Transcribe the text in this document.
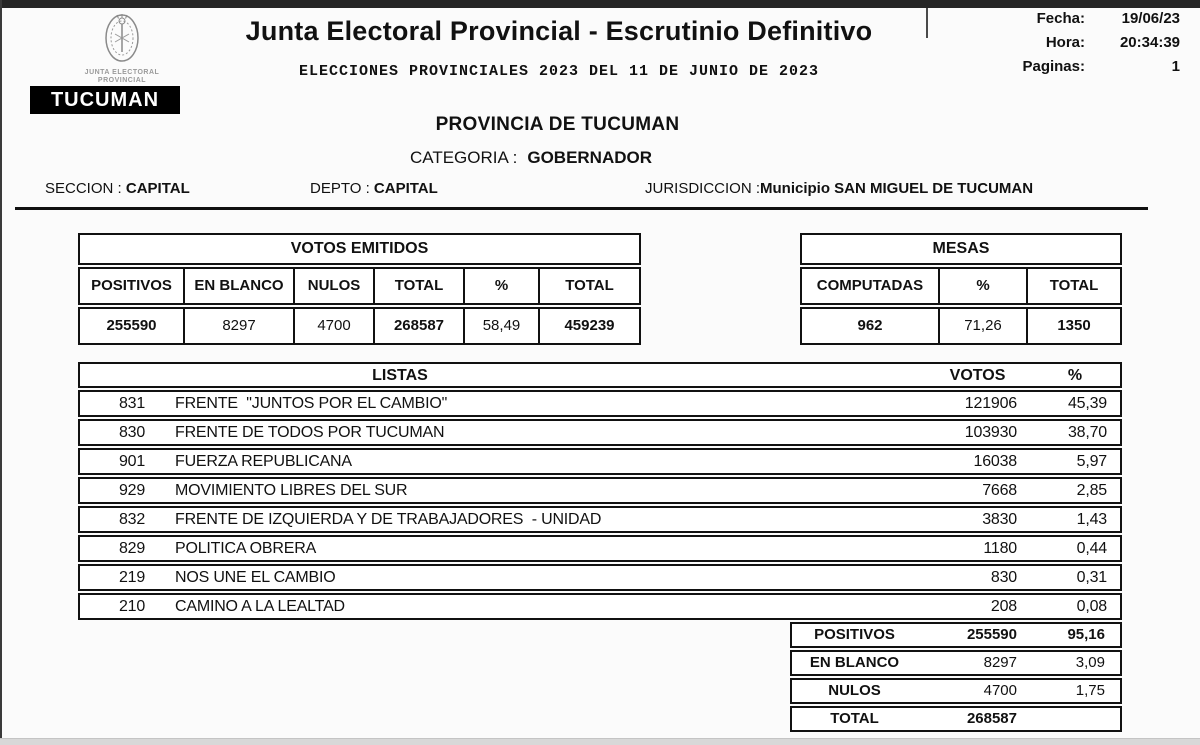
JUNTA ELECTORAL
PROVINCIAL
Junta Electoral Provincial - Escrutinio Definitivo
ELECCIONES PROVINCIALES 2023 DEL 11 DE JUNIO DE 2023
TUCUMAN
Fecha:	19/06/23
Hora:	20:34:39
Paginas:	1
PROVINCIA DE TUCUMAN
CATEGORIA : GOBERNADOR
SECCION : CAPITAL	DEPTO : CAPITAL	JURISDICCION :Municipio SAN MIGUEL DE TUCUMAN
VOTOS EMITIDOS
POSITIVOS	EN BLANCO	NULOS	TOTAL	%	TOTAL
255590	8297	4700	268587	58,49	459239
MESAS
COMPUTADAS	%	TOTAL
962	71,26	1350
LISTAS	VOTOS	%
831	FRENTE  "JUNTOS POR EL CAMBIO"	121906	45,39
830	FRENTE DE TODOS POR TUCUMAN	103930	38,70
901	FUERZA REPUBLICANA	16038	5,97
929	MOVIMIENTO LIBRES DEL SUR	7668	2,85
832	FRENTE DE IZQUIERDA Y DE TRABAJADORES  - UNIDAD	3830	1,43
829	POLITICA OBRERA	1180	0,44
219	NOS UNE EL CAMBIO	830	0,31
210	CAMINO A LA LEALTAD	208	0,08
POSITIVOS	255590	95,16
EN BLANCO	8297	3,09
NULOS	4700	1,75
TOTAL	268587
